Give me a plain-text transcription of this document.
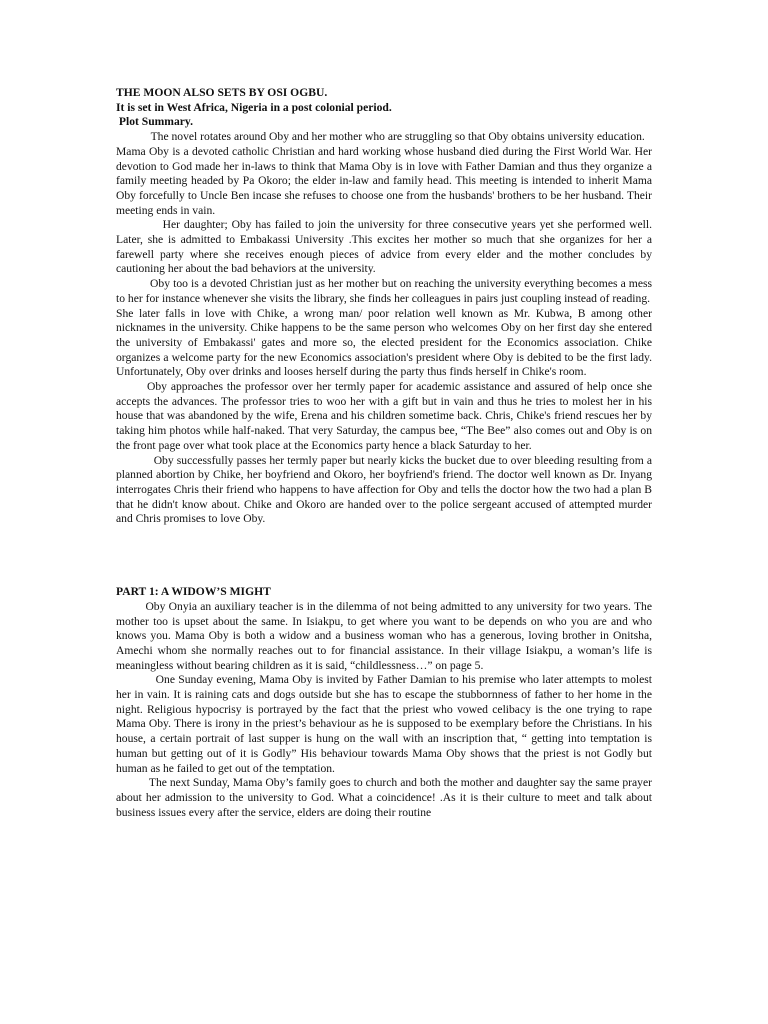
THE MOON ALSO SETS BY OSI OGBU.

It is set in West Africa, Nigeria in a post colonial period.

Plot Summary.

The novel rotates around Oby and her mother who are struggling so that Oby obtains university education.

Mama Oby is a devoted catholic Christian and hard working whose husband died during the First World War. Her devotion to God made her in-laws to think that Mama Oby is in love with Father Damian and thus they organize a family meeting headed by Pa Okoro; the elder in-law and family head. This meeting is intended to inherit Mama Oby forcefully to Uncle Ben incase she refuses to choose one from the husbands' brothers to be her husband. Their meeting ends in vain.

Her daughter; Oby has failed to join the university for three consecutive years yet she performed well. Later, she is admitted to Embakassi University .This excites her mother so much that she organizes for her a farewell party where she receives enough pieces of advice from every elder and the mother concludes by cautioning her about the bad behaviors at the university.

Oby too is a devoted Christian just as her mother but on reaching the university everything becomes a mess to her for instance whenever she visits the library, she finds her colleagues in pairs just coupling instead of reading.

She later falls in love with Chike, a wrong man/ poor relation well known as Mr. Kubwa, B among other nicknames in the university. Chike happens to be the same person who welcomes Oby on her first day she entered the university of Embakassi' gates and more so, the elected president for the Economics association. Chike organizes a welcome party for the new Economics association's president where Oby is debited to be the first lady. Unfortunately, Oby over drinks and looses herself during the party thus finds herself in Chike's room.

Oby approaches the professor over her termly paper for academic assistance and assured of help once she accepts the advances. The professor tries to woo her with a gift but in vain and thus he tries to molest her in his house that was abandoned by the wife, Erena and his children sometime back. Chris, Chike's friend rescues her by taking him photos while half-naked. That very Saturday, the campus bee, “The Bee” also comes out and Oby is on the front page over what took place at the Economics party hence a black Saturday to her.

Oby successfully passes her termly paper but nearly kicks the bucket due to over bleeding resulting from a planned abortion by Chike, her boyfriend and Okoro, her boyfriend's friend. The doctor well known as Dr. Inyang interrogates Chris their friend who happens to have affection for Oby and tells the doctor how the two had a plan B that he didn't know about. Chike and Okoro are handed over to the police sergeant accused of attempted murder and Chris promises to love Oby.

PART 1: A WIDOW’S MIGHT

Oby Onyia an auxiliary teacher is in the dilemma of not being admitted to any university for two years. The mother too is upset about the same. In Isiakpu, to get where you want to be depends on who you are and who knows you. Mama Oby is both a widow and a business woman who has a generous, loving brother in Onitsha, Amechi whom she normally reaches out to for financial assistance. In their village Isiakpu, a woman’s life is meaningless without bearing children as it is said, “childlessness…” on page 5.

One Sunday evening, Mama Oby is invited by Father Damian to his premise who later attempts to molest her in vain. It is raining cats and dogs outside but she has to escape the stubbornness of father to her home in the night. Religious hypocrisy is portrayed by the fact that the priest who vowed celibacy is the one trying to rape Mama Oby. There is irony in the priest’s behaviour as he is supposed to be exemplary before the Christians. In his house, a certain portrait of last supper is hung on the wall with an inscription that, “ getting into temptation is human but getting out of it is Godly” His behaviour towards Mama Oby shows that the priest is not Godly but human as he failed to get out of the temptation.

The next Sunday, Mama Oby’s family goes to church and both the mother and daughter say the same prayer about her admission to the university to God. What a coincidence! .As it is their culture to meet and talk about business issues every after the service, elders are doing their routine
